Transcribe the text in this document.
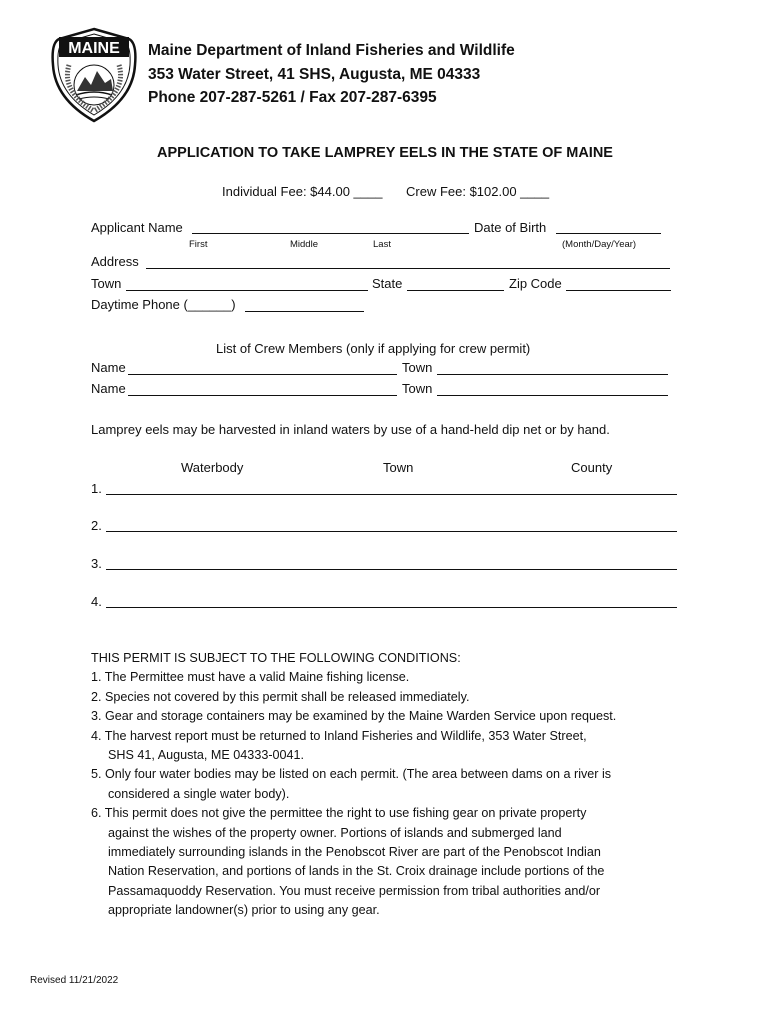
MAINE Maine Department of Inland Fisheries and Wildlife
353 Water Street, 41 SHS, Augusta, ME 04333
Phone 207-287-5261 / Fax 207-287-6395
APPLICATION TO TAKE LAMPREY EELS IN THE STATE OF MAINE
Individual Fee: $44.00 ____ Crew Fee: $102.00 ____
Applicant Name	Date of Birth
First	Middle	Last	(Month/Day/Year)
Address
Town	State	Zip Code
Daytime Phone (______)
List of Crew Members (only if applying for crew permit)
Name	Town
Name	Town
Lamprey eels may be harvested in inland waters by use of a hand-held dip net or by hand.
Waterbody	Town	County
1.
2.
3.
4.
THIS PERMIT IS SUBJECT TO THE FOLLOWING CONDITIONS:
1. The Permittee must have a valid Maine fishing license.
2. Species not covered by this permit shall be released immediately.
3. Gear and storage containers may be examined by the Maine Warden Service upon request.
4. The harvest report must be returned to Inland Fisheries and Wildlife, 353 Water Street,
SHS 41, Augusta, ME 04333-0041.
5. Only four water bodies may be listed on each permit. (The area between dams on a river is
considered a single water body).
6. This permit does not give the permittee the right to use fishing gear on private property
against the wishes of the property owner. Portions of islands and submerged land
immediately surrounding islands in the Penobscot River are part of the Penobscot Indian
Nation Reservation, and portions of lands in the St. Croix drainage include portions of the
Passamaquoddy Reservation. You must receive permission from tribal authorities and/or
appropriate landowner(s) prior to using any gear.
Revised 11/21/2022
